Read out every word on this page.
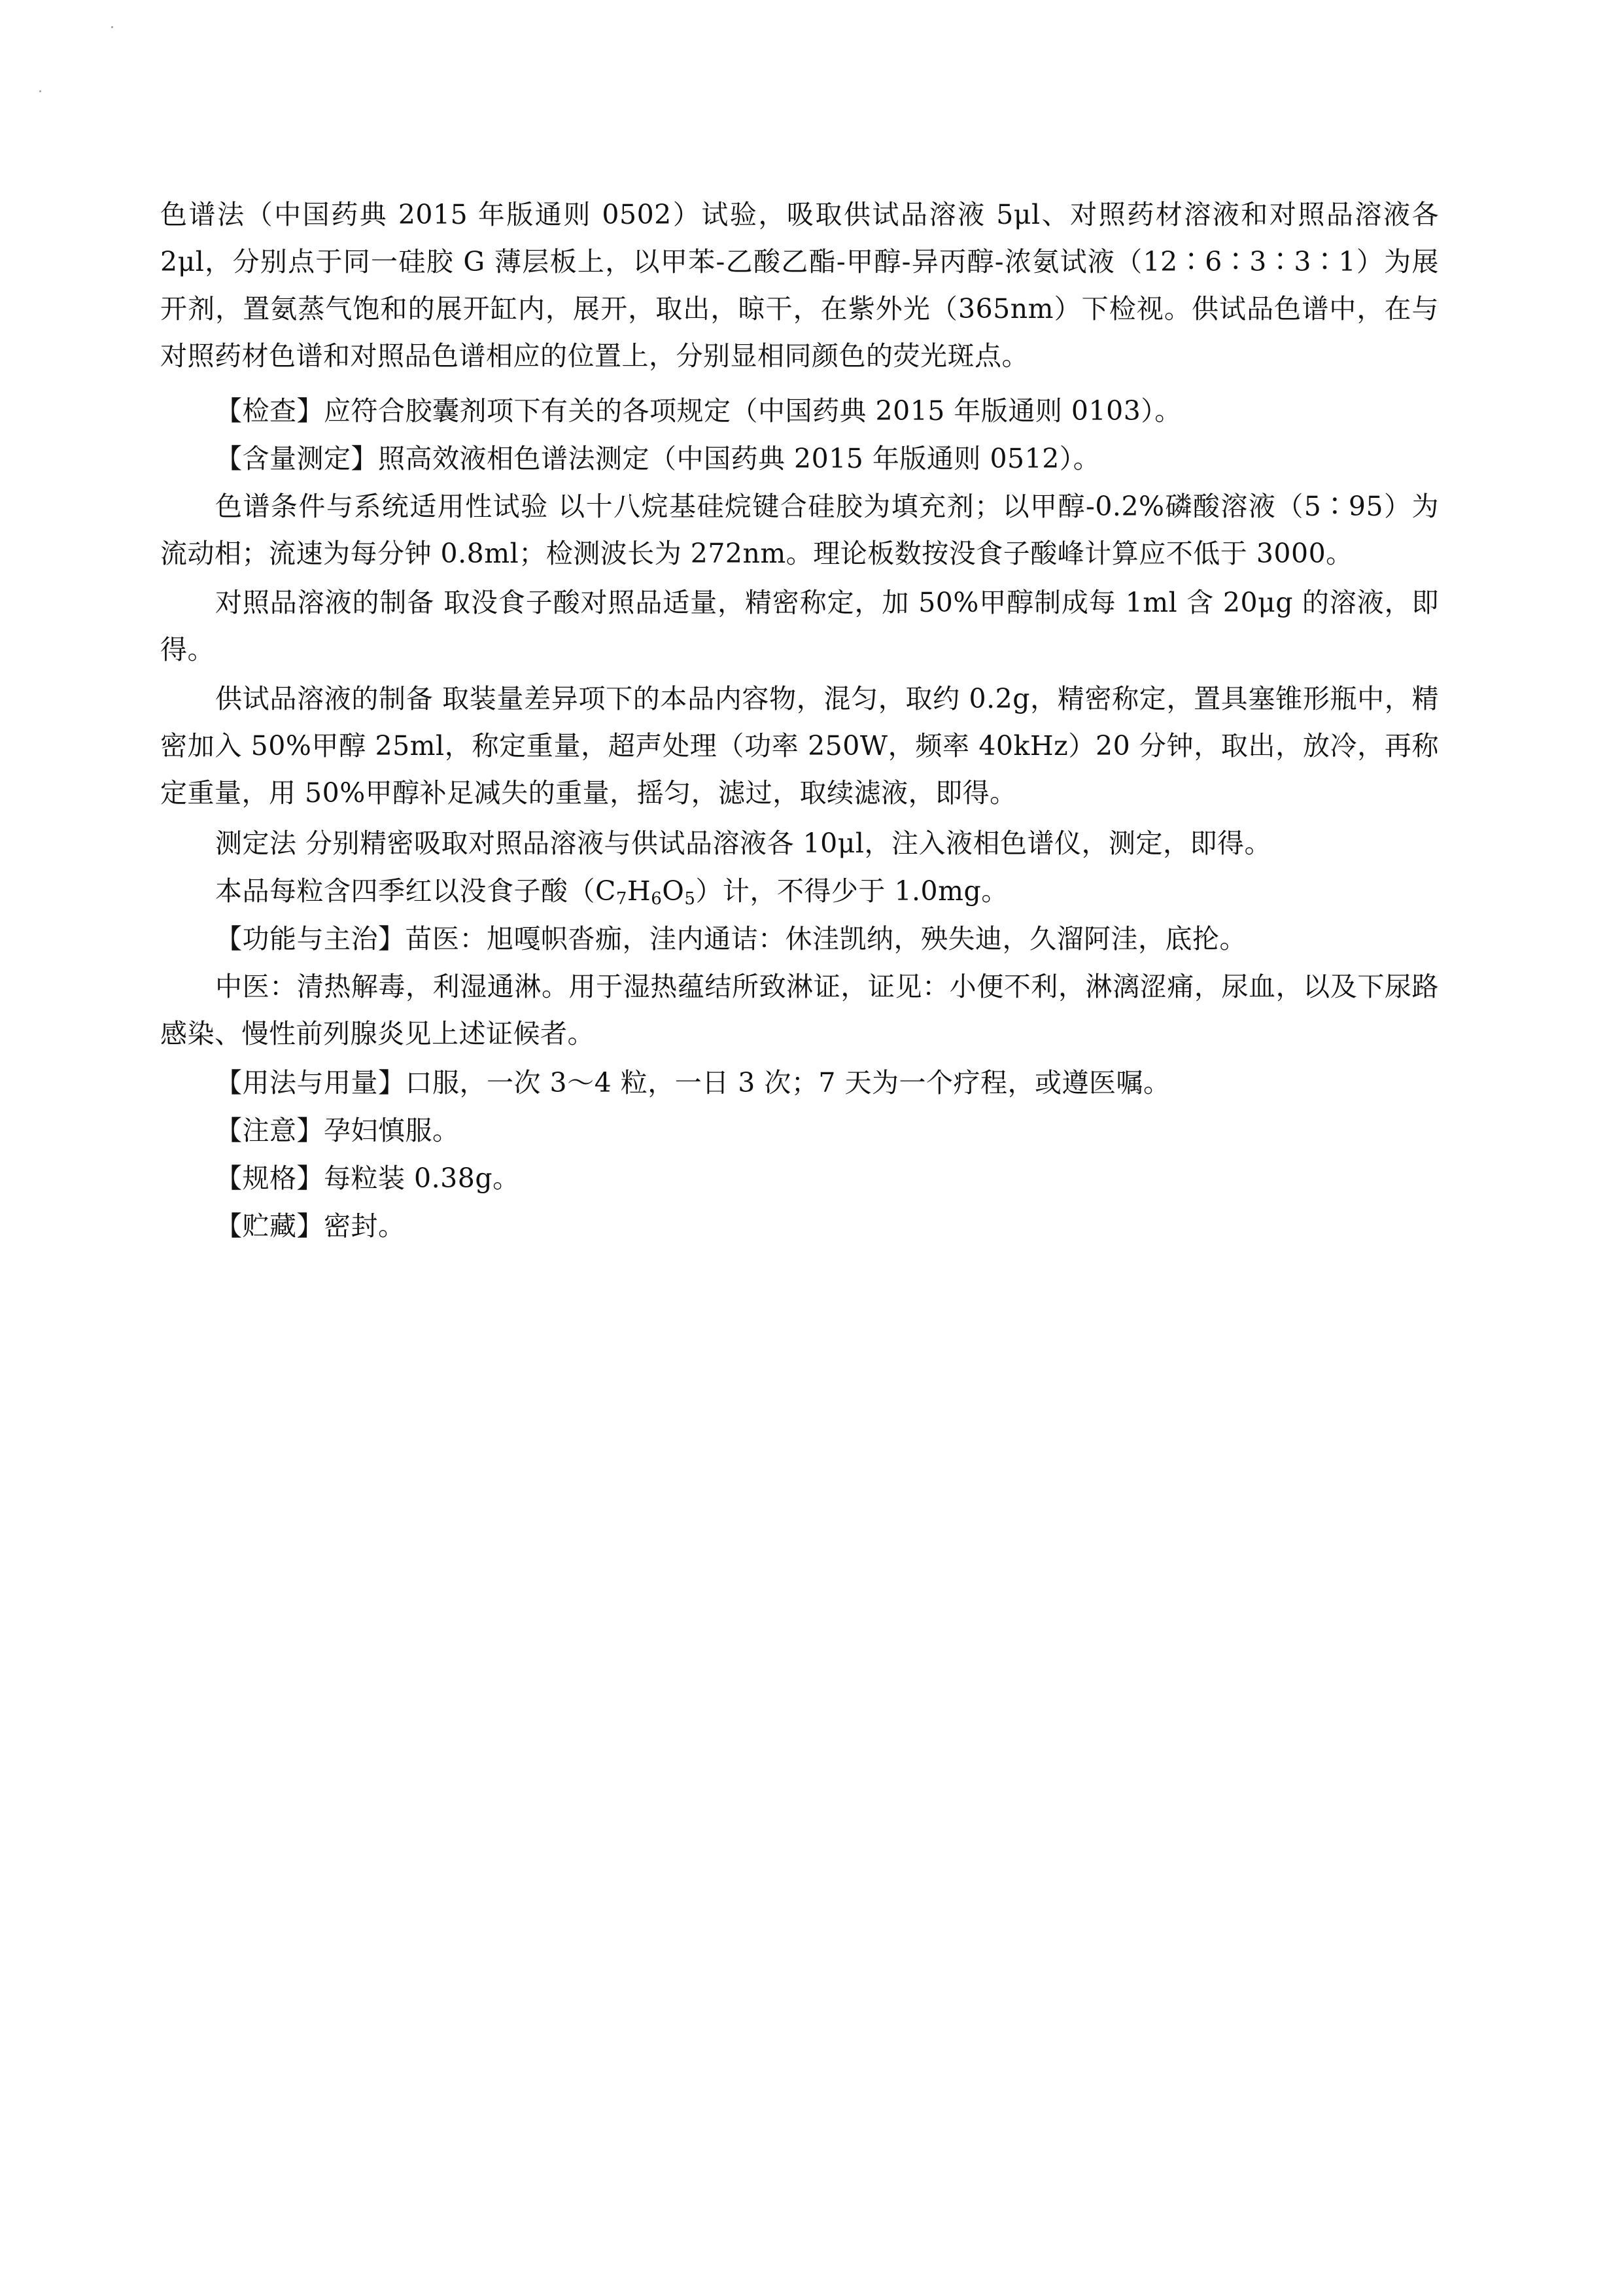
色谱法（中国药典 2015 年版通则 0502）试验，吸取供试品溶液 5μl、对照药材溶液和对照品溶液各 2μl，分别点于同一硅胶 G 薄层板上，以甲苯-乙酸乙酯-甲醇-异丙醇-浓氨试液（12∶6∶3∶3∶1）为展开剂，置氨蒸气饱和的展开缸内，展开，取出，晾干，在紫外光（365nm）下检视。供试品色谱中，在与对照药材色谱和对照品色谱相应的位置上，分别显相同颜色的荧光斑点。

【检查】应符合胶囊剂项下有关的各项规定（中国药典 2015 年版通则 0103）。

【含量测定】照高效液相色谱法测定（中国药典 2015 年版通则 0512）。

色谱条件与系统适用性试验 以十八烷基硅烷键合硅胶为填充剂；以甲醇-0.2%磷酸溶液（5∶95）为流动相；流速为每分钟 0.8ml；检测波长为 272nm。理论板数按没食子酸峰计算应不低于 3000。

对照品溶液的制备 取没食子酸对照品适量，精密称定，加 50%甲醇制成每 1ml 含 20μg 的溶液，即得。

供试品溶液的制备 取装量差异项下的本品内容物，混匀，取约 0.2g，精密称定，置具塞锥形瓶中，精密加入 50%甲醇 25ml，称定重量，超声处理（功率 250W，频率 40kHz）20 分钟，取出，放冷，再称定重量，用 50%甲醇补足减失的重量，摇匀，滤过，取续滤液，即得。

测定法 分别精密吸取对照品溶液与供试品溶液各 10μl，注入液相色谱仪，测定，即得。

本品每粒含四季红以没食子酸$(C_7H_6O_5)$计，不得少于 1.0mg。

【功能与主治】苗医：旭嘎帜沓痂，洼内通诘：休洼凯纳，殃失迪，久溜阿洼，底抡。

中医：清热解毒，利湿通淋。用于湿热蕴结所致淋证，证见：小便不利，淋漓涩痛，尿血，以及下尿路感染、慢性前列腺炎见上述证候者。

【用法与用量】口服，一次 3～4 粒，一日 3 次；7 天为一个疗程，或遵医嘱。

【注意】孕妇慎服。

【规格】每粒装 0.38g。

【贮藏】密封。
